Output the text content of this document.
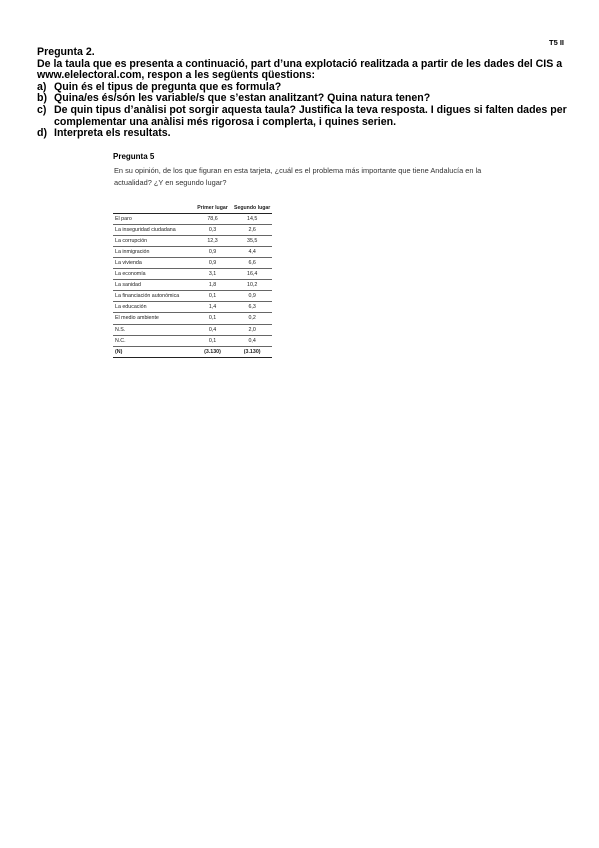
T5 II

Pregunta 2.

De la taula que es presenta a continuació, part d’una explotació realitzada a partir de les dades del CIS a www.elelectoral.com, respon a les següents qüestions:

a) Quin és el tipus de pregunta que es formula?
b) Quina/es és/són les variable/s que s’estan analitzant? Quina natura tenen?
c) De quin tipus d’anàlisi pot sorgir aquesta taula? Justifica la teva resposta. I digues si falten dades per complementar una anàlisi més rigorosa i complerta, i quines serien.
d) Interpreta els resultats.

Pregunta 5

En su opinión, de los que figuran en esta tarjeta, ¿cuál es el problema más importante que tiene Andalucía en la actualidad? ¿Y en segundo lugar?

	Primer lugar	Segundo lugar
El paro	78,6	14,5
La inseguridad ciudadana	0,3	2,6
La corrupción	12,3	35,5
La inmigración	0,9	4,4
La vivienda	0,9	6,6
La economía	3,1	16,4
La sanidad	1,8	10,2
La financiación autonómica	0,1	0,9
La educación	1,4	6,3
El medio ambiente	0,1	0,2
N.S.	0,4	2,0
N.C.	0,1	0,4
(N)	(3.130)	(3.130)
